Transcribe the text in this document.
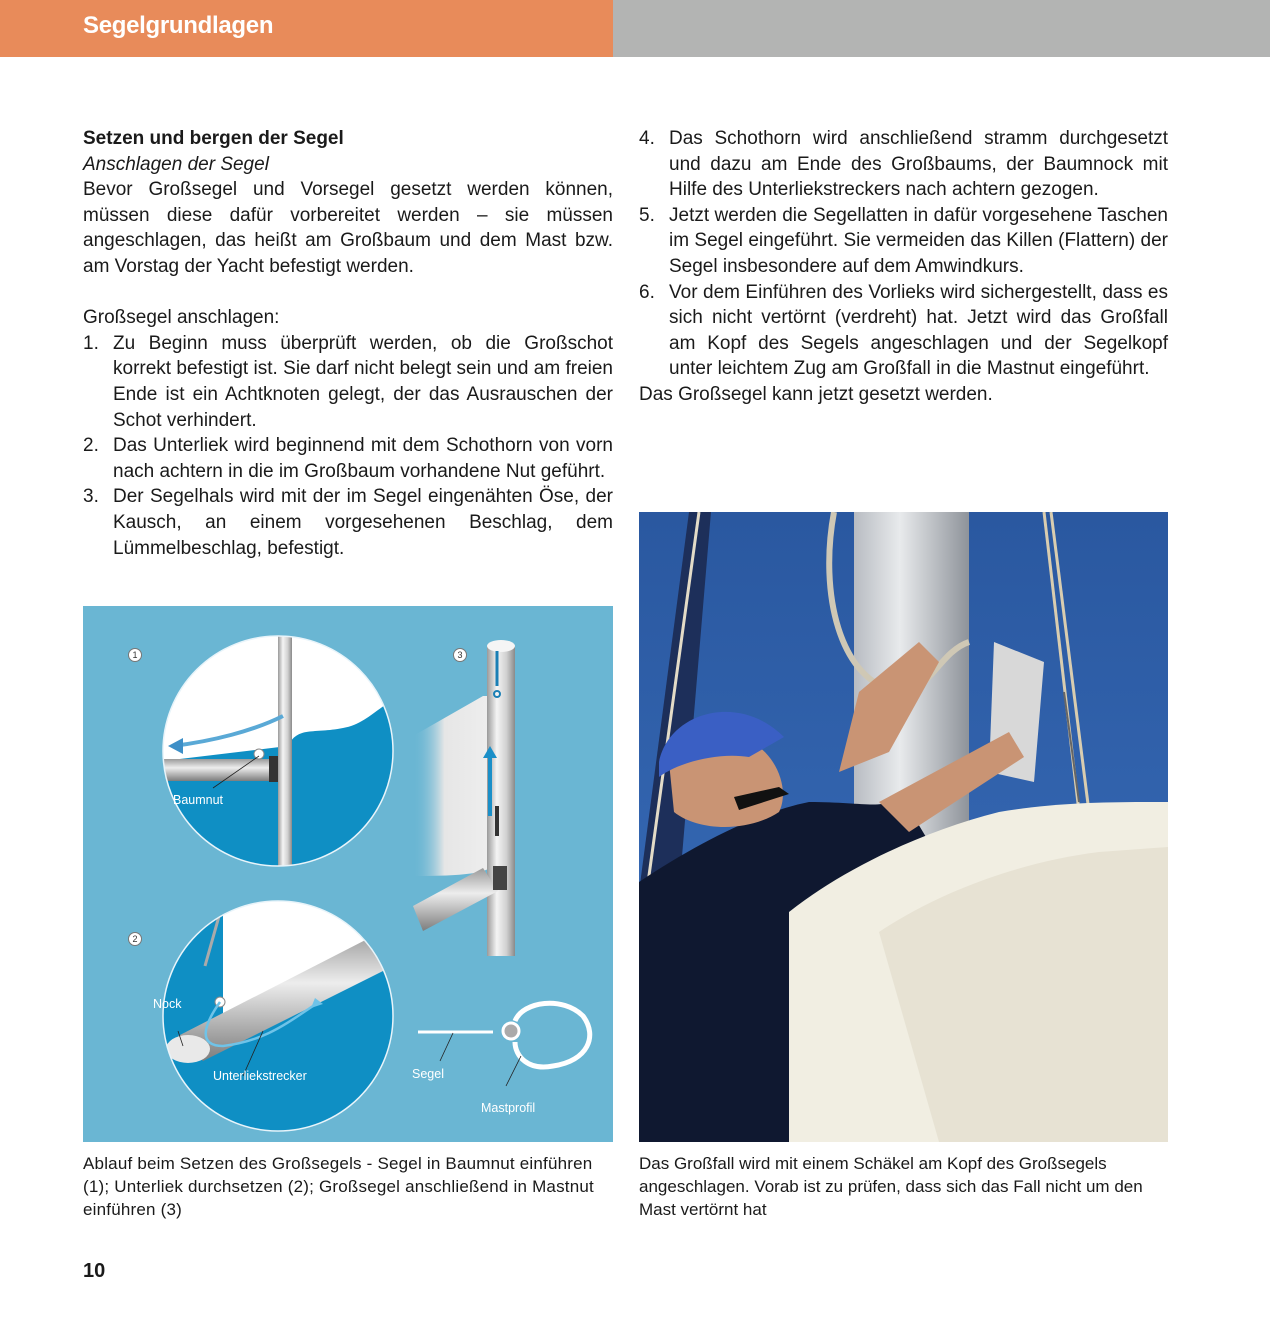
Segelgrundlagen
Setzen und bergen der Segel
Anschlagen der Segel
Bevor Großsegel und Vorsegel gesetzt werden können, müssen diese dafür vorbereitet werden – sie müssen angeschlagen, das heißt am Großbaum und dem Mast bzw. am Vorstag der Yacht befestigt werden.
Großsegel anschlagen:
1. Zu Beginn muss überprüft werden, ob die Großschot korrekt befestigt ist. Sie darf nicht belegt sein und am freien Ende ist ein Achtknoten gelegt, der das Ausrauschen der Schot verhindert.
2. Das Unterliek wird beginnend mit dem Schothorn von vorn nach achtern in die im Großbaum vorhandene Nut geführt.
3. Der Segelhals wird mit der im Segel eingenähten Öse, der Kausch, an einem vorgesehenen Beschlag, dem Lümmelbeschlag, befestigt.
4. Das Schothorn wird anschließend stramm durchgesetzt und dazu am Ende des Großbaums, der Baumnock mit Hilfe des Unterliekstreckers nach achtern gezogen.
5. Jetzt werden die Segellatten in dafür vorgesehene Taschen im Segel eingeführt. Sie vermeiden das Killen (Flattern) der Segel insbesondere auf dem Amwindkurs.
6. Vor dem Einführen des Vorlieks wird sichergestellt, dass es sich nicht vertörnt (verdreht) hat. Jetzt wird das Großfall am Kopf des Segels angeschlagen und der Segelkopf unter leichtem Zug am Großfall in die Mastnut eingeführt.
Das Großsegel kann jetzt gesetzt werden.
1
2
3
Baumnut
Nock
Unterliekstrecker	Segel
Mastprofil
Ablauf beim Setzen des Großsegels - Segel in Baumnut einführen (1); Unterliek durchsetzen (2); Großsegel anschließend in Mastnut einführen (3)
Das Großfall wird mit einem Schäkel am Kopf des Großsegels angeschlagen. Vorab ist zu prüfen, dass sich das Fall nicht um den Mast vertörnt hat
10
